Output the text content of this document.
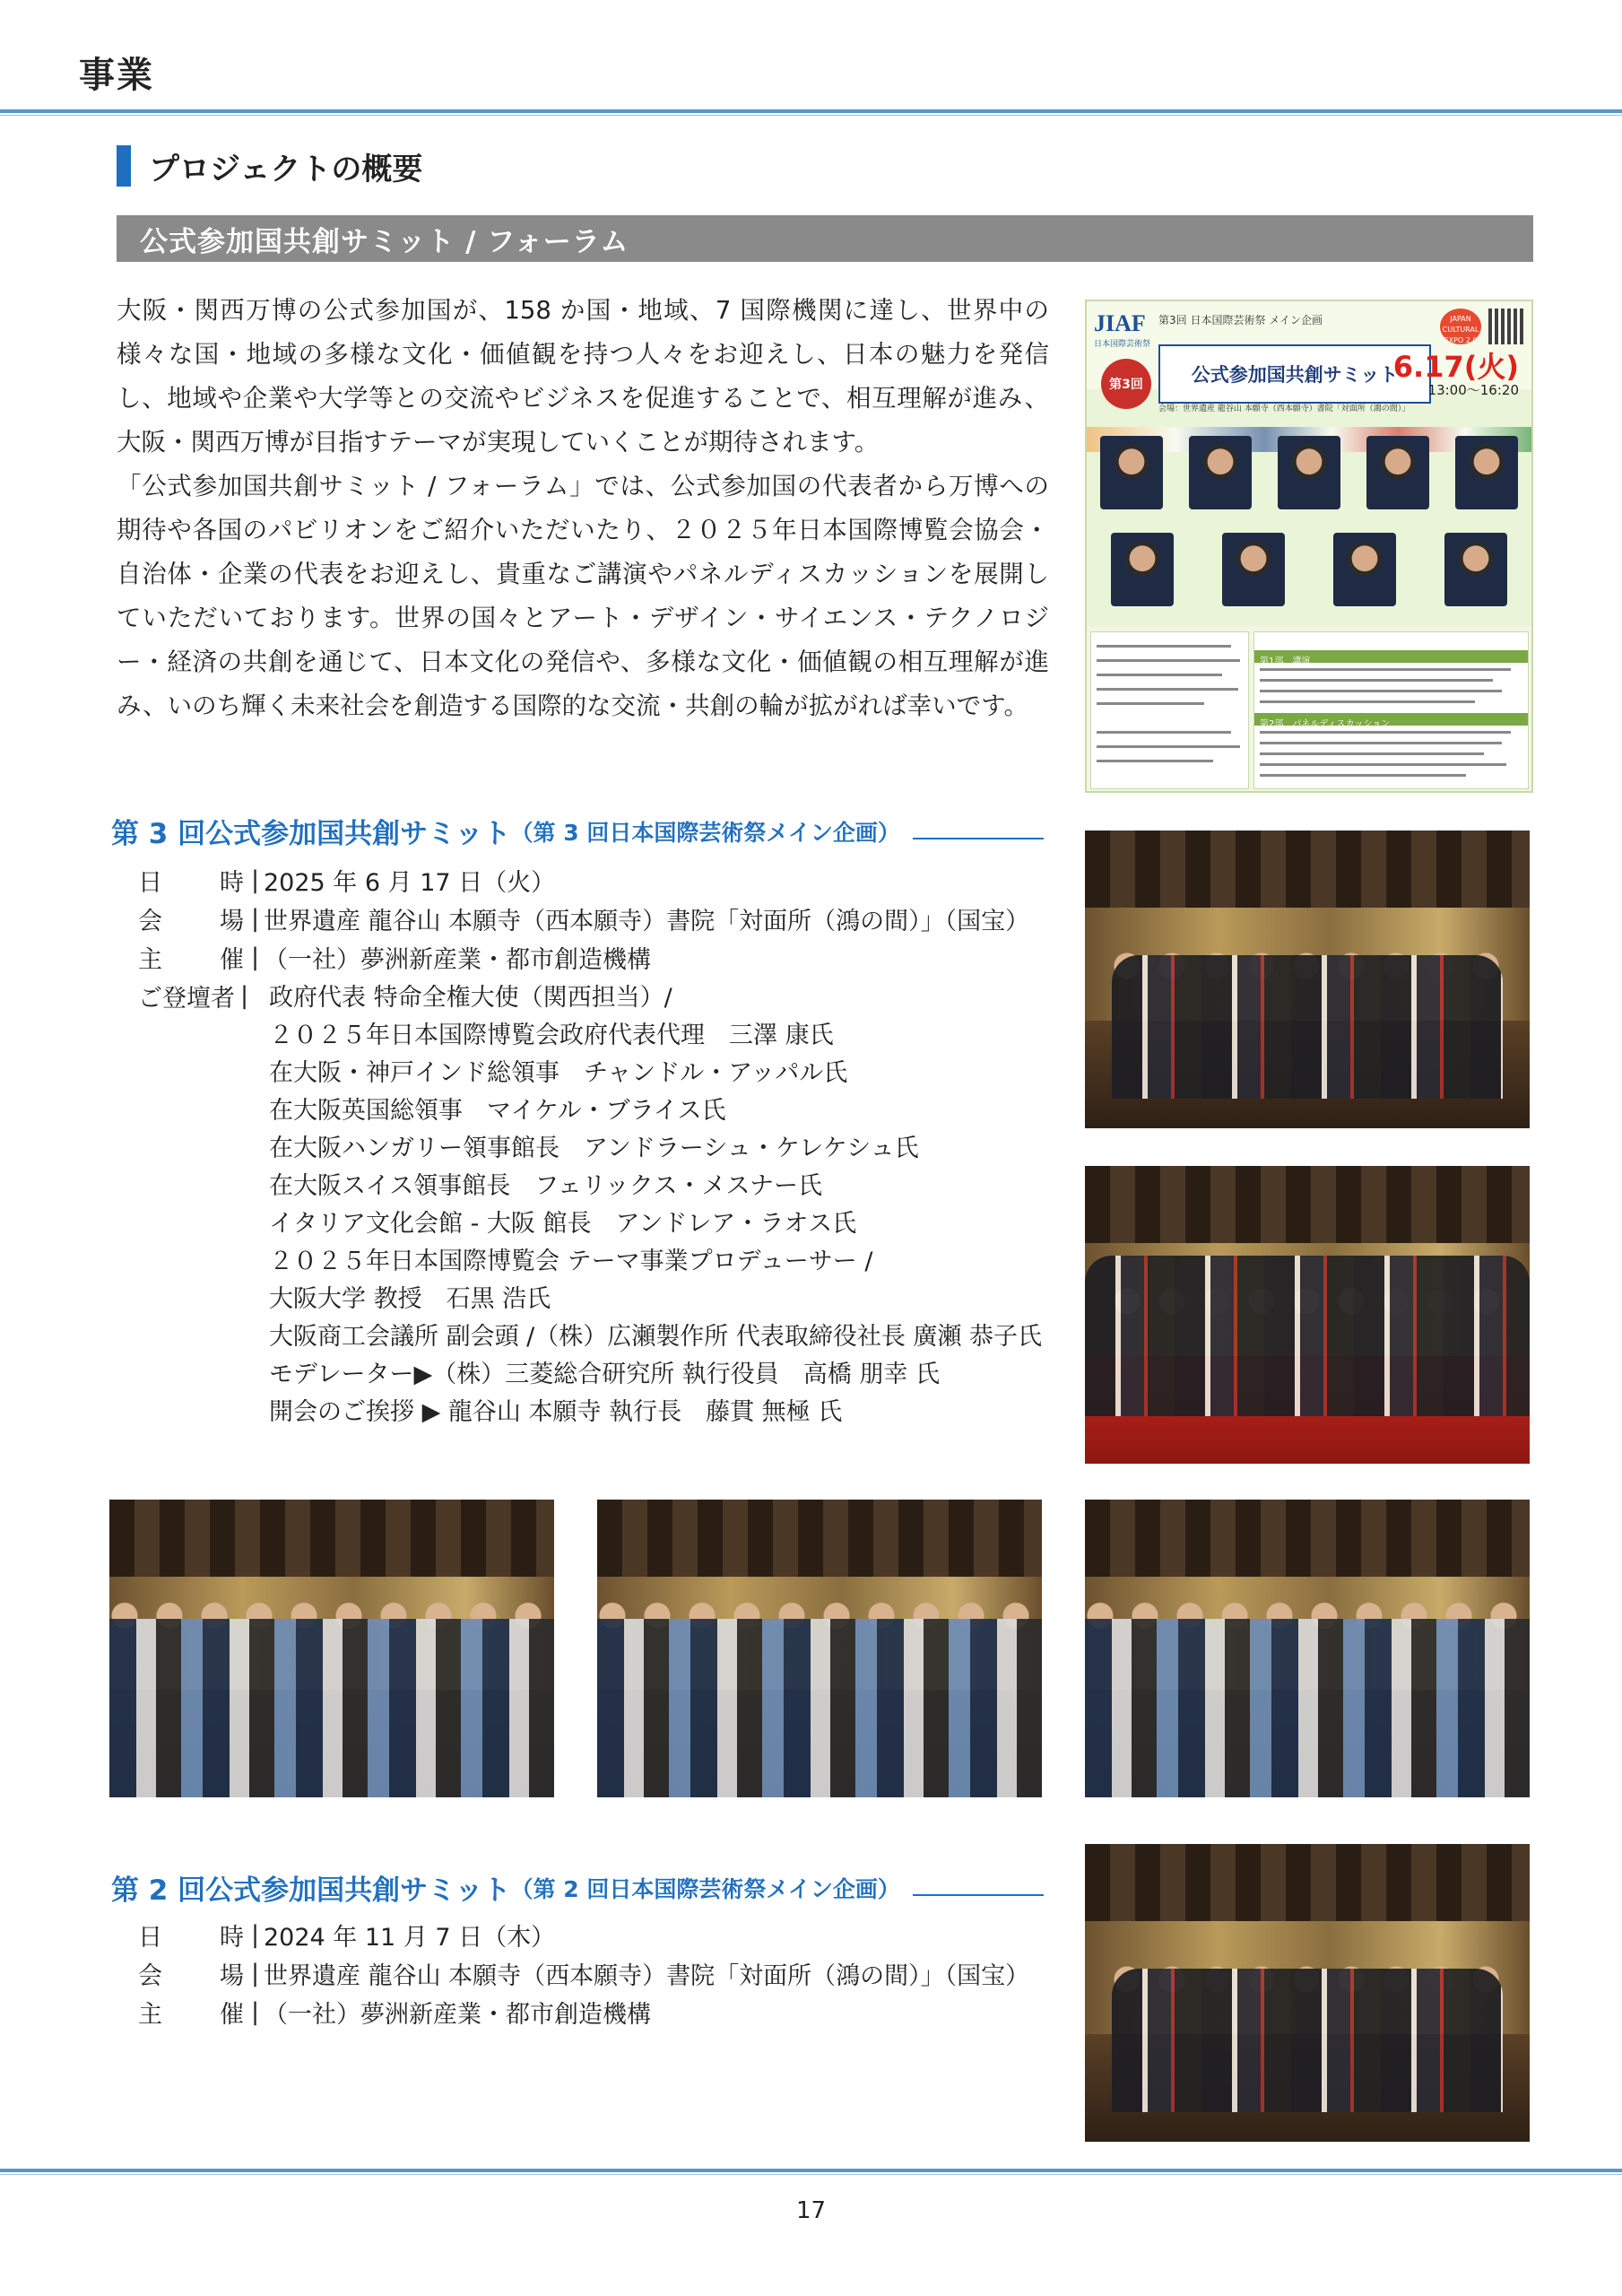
事業
プロジェクトの概要
公式参加国共創サミット / フォーラム

大阪・関西万博の公式参加国が、158 か国・地域、7 国際機関に達し、世界中の様々な国・地域の多様な文化・価値観を持つ人々をお迎えし、日本の魅力を発信し、地域や企業や大学等との交流やビジネスを促進することで、相互理解が進み、大阪・関西万博が目指すテーマが実現していくことが期待されます。

「公式参加国共創サミット / フォーラム」では、公式参加国の代表者から万博への期待や各国のパビリオンをご紹介いただいたり、２０２５年日本国際博覧会協会・自治体・企業の代表をお迎えし、貴重なご講演やパネルディスカッションを展開していただいております。世界の国々とアート・デザイン・サイエンス・テクノロジー・経済の共創を通じて、日本文化の発信や、多様な文化・価値観の相互理解が進み、いのち輝く未来社会を創造する国際的な交流・共創の輪が拡がれば幸いです。

JIAF
日本国際芸術祭
第3回 日本国際芸術祭 メイン企画	JAPAN CULTURAL EXPO 2.0
第3回	公式参加国共創サミット
6.17(火)
13:00〜16:20
会場：世界遺産 龍谷山 本願寺（西本願寺）書院「対面所（鴻の間）」
第1部　講演
第2部　パネルディスカッション
第 3 回公式参加国共創サミット （第 3 回日本国際芸術祭メイン企画）
日 時 | 2025 年 6 月 17 日（火）
会 場 | 世界遺産 龍谷山 本願寺（西本願寺）書院「対面所（鴻の間）」（国宝）
主 催 | （一社）夢洲新産業・都市創造機構
ご登壇者 | 政府代表 特命全権大使（関西担当）/
２０２５年日本国際博覧会政府代表代理　三澤 康氏
在大阪・神戸インド総領事　チャンドル・アッパル氏
在大阪英国総領事　マイケル・ブライス氏
在大阪ハンガリー領事館長　アンドラーシュ・ケレケシュ氏
在大阪スイス領事館長　フェリックス・メスナー氏
イタリア文化会館 - 大阪 館長　アンドレア・ラオス氏
２０２５年日本国際博覧会 テーマ事業プロデューサー /
大阪大学 教授　石黒 浩氏
大阪商工会議所 副会頭 /（株）広瀬製作所 代表取締役社長 廣瀬 恭子氏
モデレーター▶（株）三菱総合研究所 執行役員　高橋 朋幸 氏
開会のご挨拶 ▶ 龍谷山 本願寺 執行長　藤貫 無極 氏
第 2 回公式参加国共創サミット （第 2 回日本国際芸術祭メイン企画）
日 時 | 2024 年 11 月 7 日（木）
会 場 | 世界遺産 龍谷山 本願寺（西本願寺）書院「対面所（鴻の間）」（国宝）
主 催 | （一社）夢洲新産業・都市創造機構
17
